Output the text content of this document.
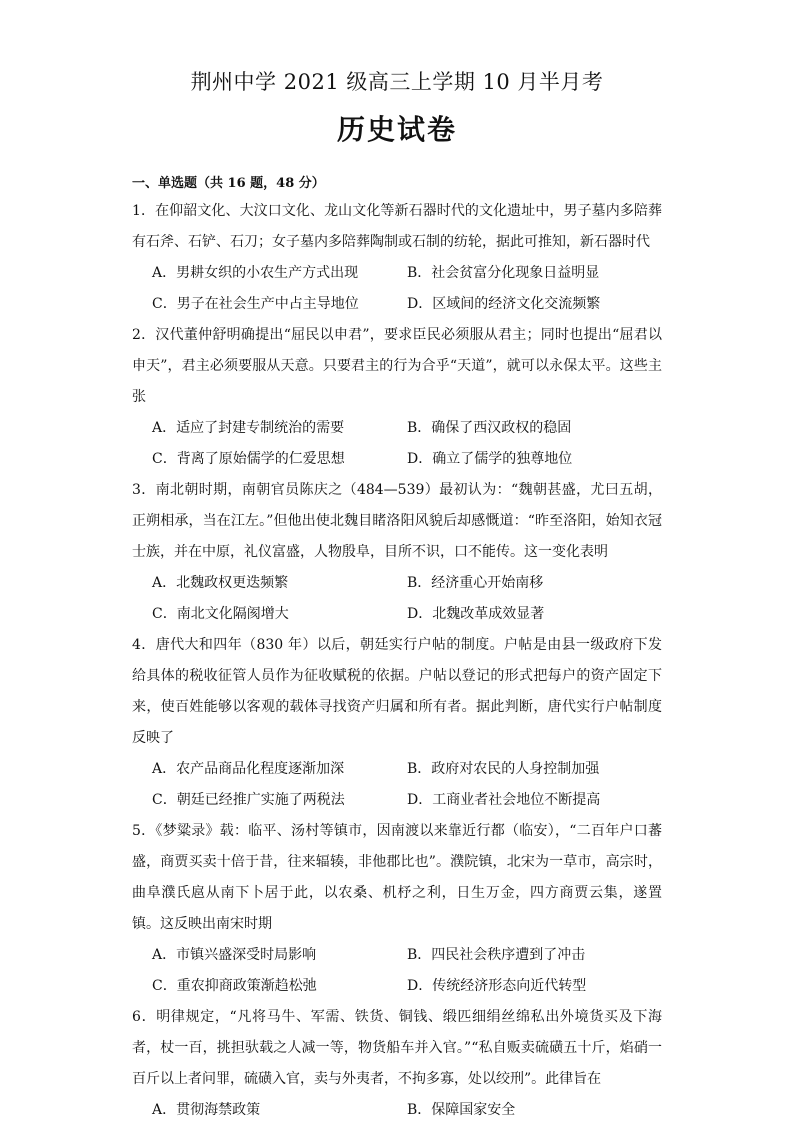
荆州中学 2021 级高三上学期 10 月半月考
历史试卷
一、单选题（共 16 题，48 分）

1．在仰韶文化、大汶口文化、龙山文化等新石器时代的文化遗址中，男子墓内多陪葬有石斧、石铲、石刀；女子墓内多陪葬陶制或石制的纺轮，据此可推知，新石器时代

A．男耕女织的小农生产方式出现	B．社会贫富分化现象日益明显
C．男子在社会生产中占主导地位	D．区域间的经济文化交流频繁

2．汉代董仲舒明确提出“屈民以申君”，要求臣民必须服从君主；同时也提出“屈君以申天”，君主必须要服从天意。只要君主的行为合乎“天道”，就可以永保太平。这些主张

A．适应了封建专制统治的需要	B．确保了西汉政权的稳固
C．背离了原始儒学的仁爱思想	D．确立了儒学的独尊地位

3．南北朝时期，南朝官员陈庆之（484—539）最初认为：“魏朝甚盛，尤曰五胡，正朔相承，当在江左。”但他出使北魏目睹洛阳风貌后却感慨道：“昨至洛阳，始知衣冠士族，并在中原，礼仪富盛，人物殷阜，目所不识，口不能传。这一变化表明

A．北魏政权更迭频繁	B．经济重心开始南移
C．南北文化隔阂增大	D．北魏改革成效显著

4．唐代大和四年（830 年）以后，朝廷实行户帖的制度。户帖是由县一级政府下发给具体的税收征管人员作为征收赋税的依据。户帖以登记的形式把每户的资产固定下来，使百姓能够以客观的载体寻找资产归属和所有者。据此判断，唐代实行户帖制度反映了

A．农产品商品化程度逐渐加深	B．政府对农民的人身控制加强
C．朝廷已经推广实施了两税法	D．工商业者社会地位不断提高

5．《梦粱录》载：临平、汤村等镇市，因南渡以来靠近行都（临安），“二百年户口蕃盛，商贾买卖十倍于昔，往来辐辏，非他郡比也”。濮院镇，北宋为一草市，高宗时，曲阜濮氏扈从南下卜居于此，以农桑、机杼之利，日生万金，四方商贾云集，遂置镇。这反映出南宋时期

A．市镇兴盛深受时局影响	B．四民社会秩序遭到了冲击
C．重农抑商政策渐趋松弛	D．传统经济形态向近代转型

6．明律规定，“凡将马牛、军需、铁货、铜钱、缎匹细绢丝绵私出外境货买及下海者，杖一百，挑担驮载之人减一等，物货船车并入官。”“私自贩卖硫磺五十斤，焰硝一百斤以上者问罪，硫磺入官，卖与外夷者，不拘多寡，处以绞刑”。此律旨在

A．贯彻海禁政策	B．保障国家安全
